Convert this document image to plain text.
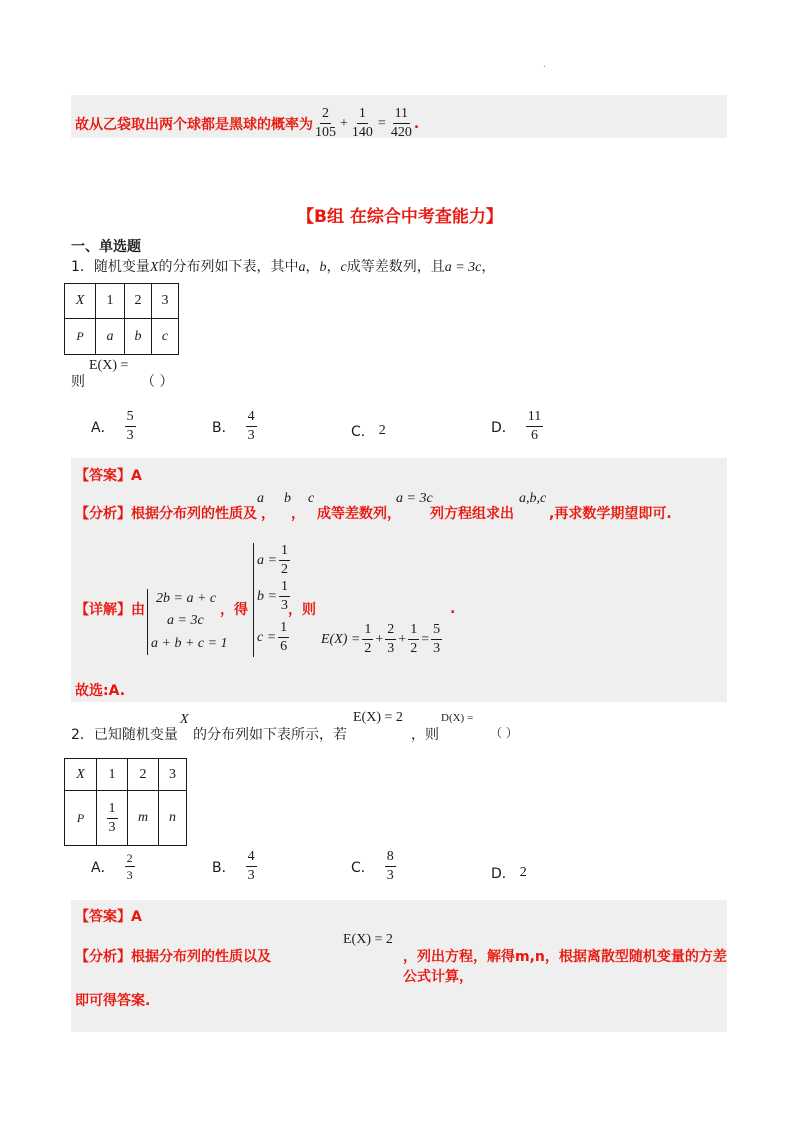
·
故从乙袋取出两个球都是黑球的概率为 $\frac{2}{105} + \frac{1}{140} = \frac{11}{420}$ .
【B组 在综合中考查能力】
一、单选题
1．随机变量 X 的分布列如下表，其中 a ， b ， c 成等差数列，且 a = 3c ，
X	1	2	3
P	a	b	c
E(X) =
则	（ ）
A． $\frac{5}{3}$	B． $\frac{4}{3}$	C． 2	D． $\frac{11}{6}$
【答案】A
【分析】根据分布列的性质及
a
，
b
，
c
成等差数列，
a = 3c
列方程组求出
a,b,c
,再求数学期望即可.
【详解】由
2b = a + c
a = 3c
a + b + c = 1
，得
$a = \frac{1}{2}$
$b = \frac{1}{3}$
$c = \frac{1}{6}$
，则
$E(X) = \frac{1}{2} + \frac{2}{3} + \frac{1}{2} = \frac{5}{3}$
.
故选:A.
2．已知随机变量
X
的分布列如下表所示，若
E(X) = 2
，则
D(X) =
（ ）
X	1	2	3
P	$\frac{1}{3}$	m	n
A． $\frac{2}{3}$	B． $\frac{4}{3}$	C． $\frac{8}{3}$	D． 2
【答案】A
【分析】根据分布列的性质以及
E(X) = 2
，列出方程，解得m,n，根据离散型随机变量的方差公式计算，
即可得答案.
